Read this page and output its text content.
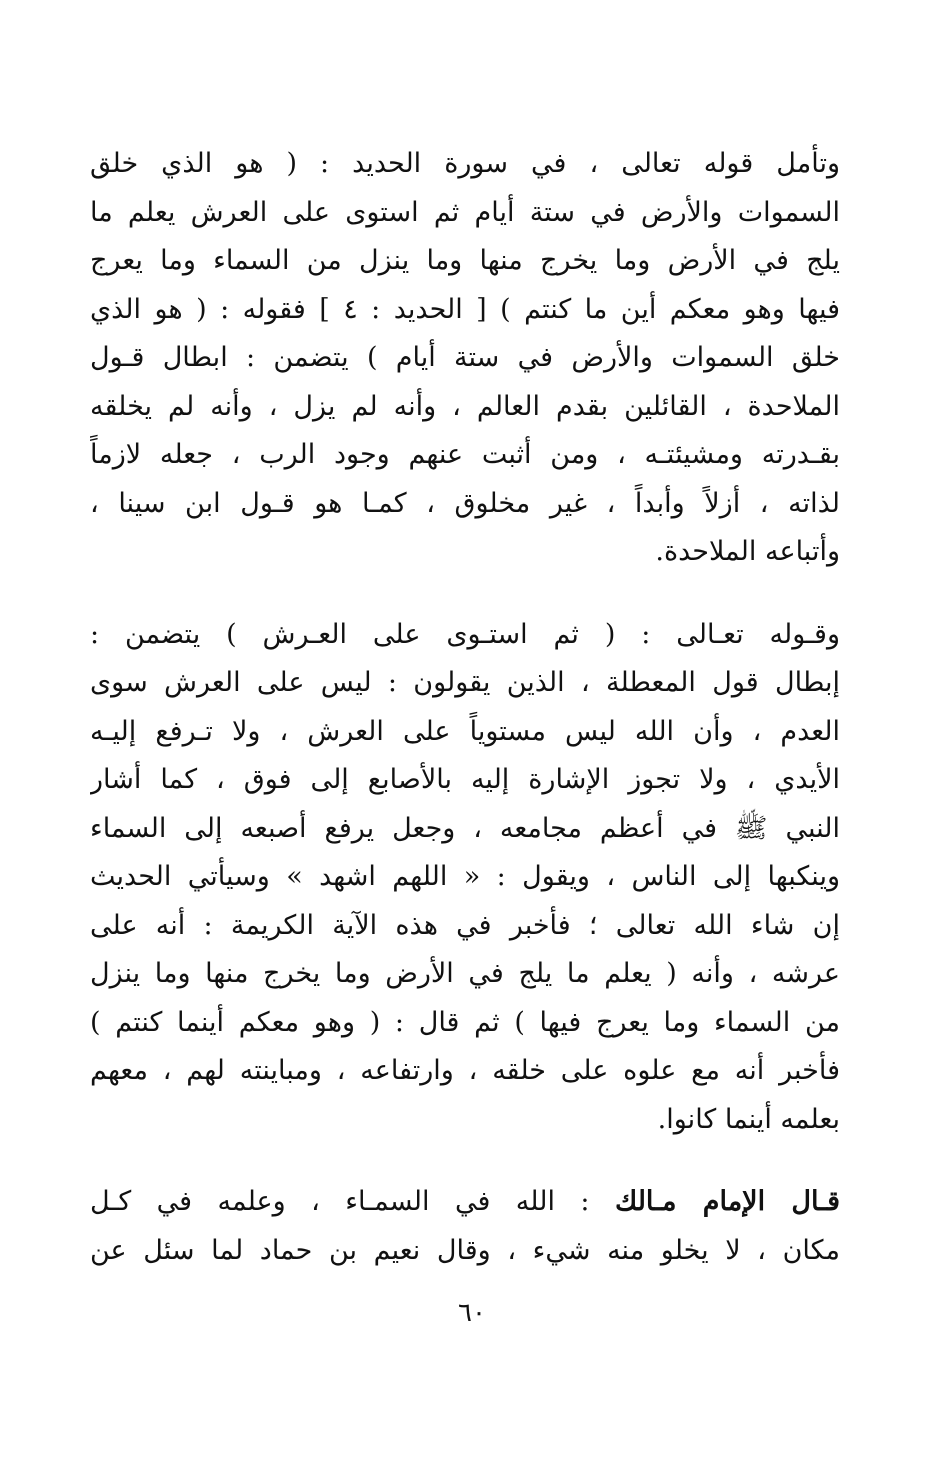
وتأمل قوله تعالى ، في سورة الحديد : ( هو الذي خلق
السموات والأرض في ستة أيام ثم استوى على العرش يعلم ما
يلج في الأرض وما يخرج منها وما ينزل من السماء وما يعرج
فيها وهو معكم أين ما كنتم ) [ الحديد : ٤ ] فقوله : ( هو الذي
خلق السموات والأرض في ستة أيام ) يتضمن : ابطال قـول
الملاحدة ، القائلين بقدم العالم ، وأنه لم يزل ، وأنه لم يخلقه
بقـدرته ومشيئتـه ، ومن أثبت عنهم وجود الرب ، جعله لازماً
لذاته ، أزلاً وأبداً ، غير مخلوق ، كمـا هو قـول ابن سينا ،
وأتباعه الملاحدة.
وقـوله تعـالى : ( ثم استـوى على العـرش ) يتضمن :
إبطال قول المعطلة ، الذين يقولون : ليس على العرش سوى
العدم ، وأن الله ليس مستوياً على العرش ، ولا تـرفع إليـه
الأيدي ، ولا تجوز الإشارة إليه بالأصابع إلى فوق ، كما أشار
النبي ﷺ في أعظم مجامعه ، وجعل يرفع أصبعه إلى السماء
وينكبها إلى الناس ، ويقول : « اللهم اشهد » وسيأتي الحديث
إن شاء الله تعالى ؛ فأخبر في هذه الآية الكريمة : أنه على
عرشه ، وأنه ( يعلم ما يلج في الأرض وما يخرج منها وما ينزل
من السماء وما يعرج فيها ) ثم قال : ( وهو معكم أينما كنتم )
فأخبر أنه مع علوه على خلقه ، وارتفاعه ، ومباينته لهم ، معهم
بعلمه أينما كانوا.
قـال الإمام مـالك : الله في السمـاء ، وعلمه في كـل
مكان ، لا يخلو منه شيء ، وقال نعيم بن حماد لما سئل عن
٦٠
